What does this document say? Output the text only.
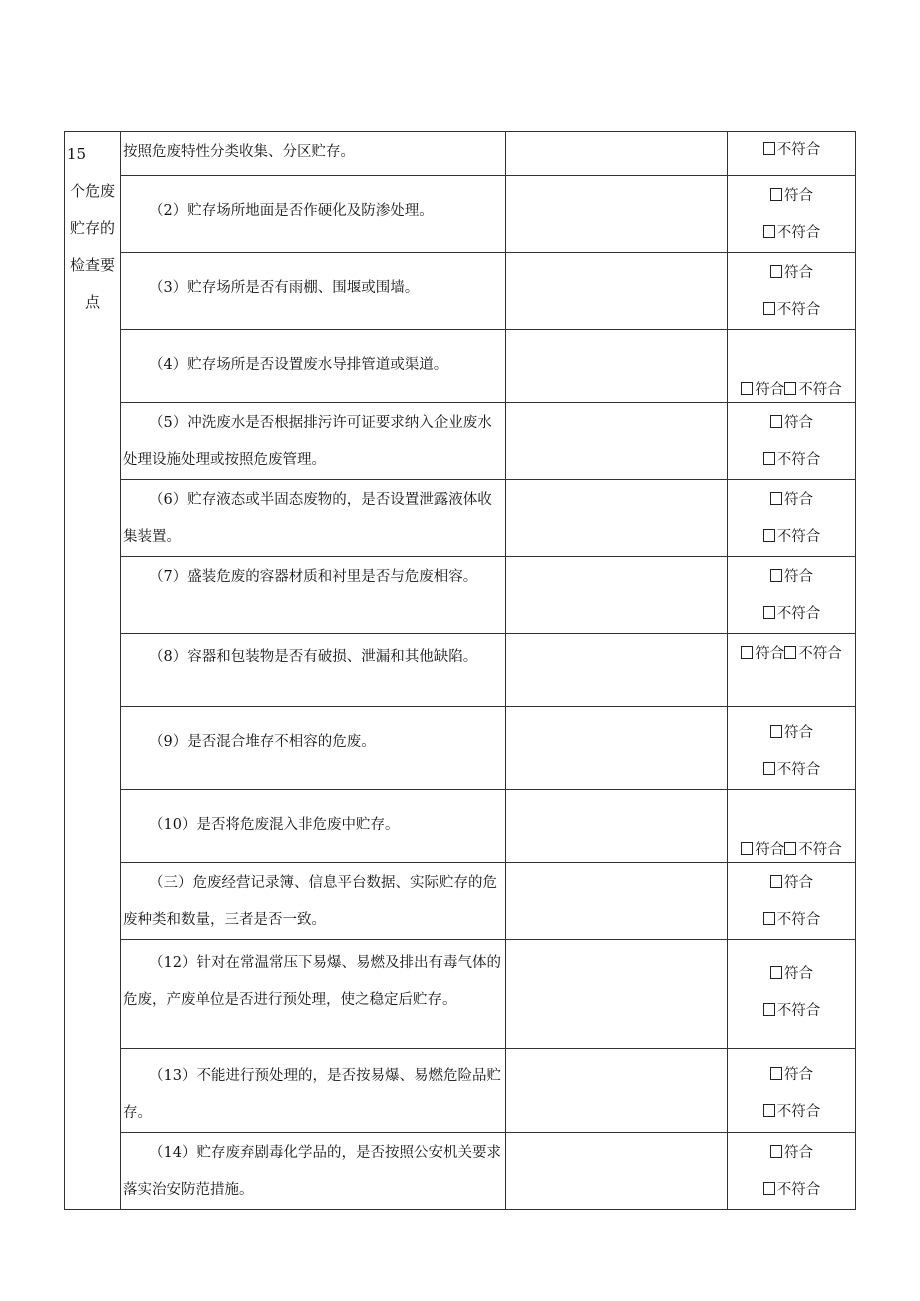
15
个危废贮存的检查要点	按照危废特性分类收集、分区贮存。		不符合

	（2）贮存场所地面是否作硬化及防渗处理。		符合
不符合

	（3）贮存场所是否有雨棚、围堰或围墙。		符合
不符合

	（4）贮存场所是否设置废水导排管道或渠道。		符合 不符合
	（5）冲洗废水是否根据排污许可证要求纳入企业废水处理设施处理或按照危废管理。		符合
不符合

	（6）贮存液态或半固态废物的，是否设置泄露液体收集装置。		符合
不符合

	（7）盛装危废的容器材质和衬里是否与危废相容。		符合
不符合

	（8）容器和包装物是否有破损、泄漏和其他缺陷。		符合 不符合
	（9）是否混合堆存不相容的危废。		符合
不符合

	（10）是否将危废混入非危废中贮存。		符合 不符合
	（三）危废经营记录簿、信息平台数据、实际贮存的危废种类和数量，三者是否一致。		符合
不符合

	（12）针对在常温常压下易爆、易燃及排出有毒气体的危废，产废单位是否进行预处理，使之稳定后贮存。		符合
不符合

	（13）不能进行预处理的，是否按易爆、易燃危险品贮存。		符合
不符合

	（14）贮存废弃剧毒化学品的，是否按照公安机关要求落实治安防范措施。		符合
不符合
